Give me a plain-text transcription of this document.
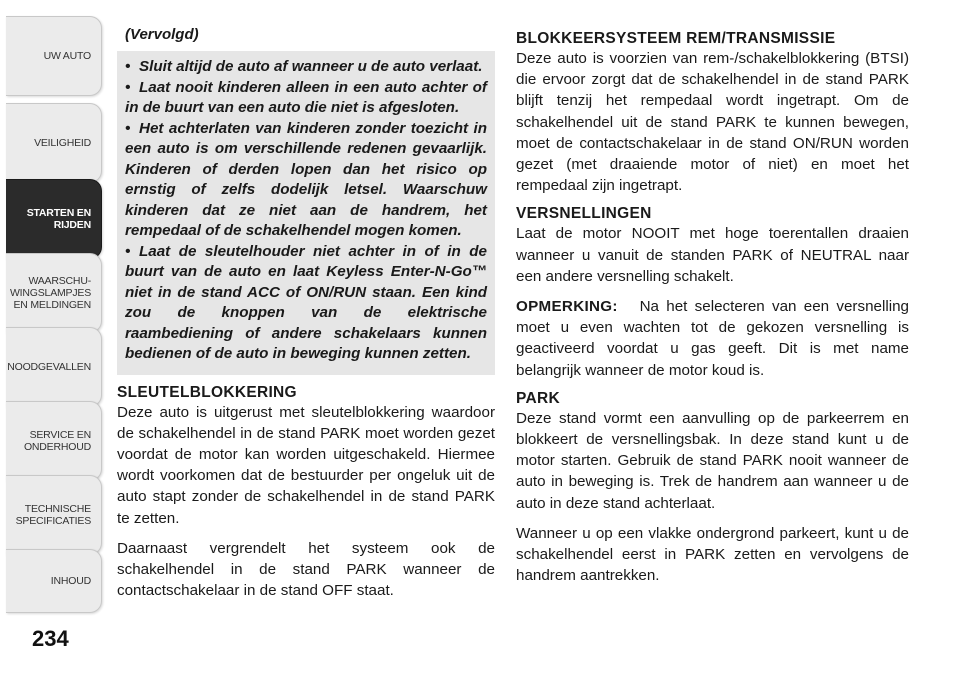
UW AUTO
VEILIGHEID
STARTEN EN
RIJDEN
WAARSCHU-
WINGSLAMPJES
EN MELDINGEN
NOODGEVALLEN
SERVICE EN
ONDERHOUD
TECHNISCHE
SPECIFICATIES
INHOUD
234
(Vervolgd)

• Sluit altijd de auto af wanneer u de auto verlaat.

• Laat nooit kinderen alleen in een auto achter of in de buurt van een auto die niet is afgesloten.

• Het achterlaten van kinderen zonder toezicht in een auto is om verschillende redenen gevaarlijk. Kinderen of derden lopen dan het risico op ernstig of zelfs dodelijk letsel. Waarschuw kinderen dat ze niet aan de handrem, het rempedaal of de schakelhendel mogen komen.

• Laat de sleutelhouder niet achter in of in de buurt van de auto en laat Keyless Enter-N-Go™ niet in de stand ACC of ON/RUN staan. Een kind zou de knoppen van de elektrische raambediening of andere schakelaars kunnen bedienen of de auto in beweging kunnen zetten.

SLEUTELBLOKKERING

Deze auto is uitgerust met sleutelblokkering waardoor de schakelhendel in de stand PARK moet worden gezet voordat de motor kan worden uitgeschakeld. Hiermee wordt voorkomen dat de bestuurder per ongeluk uit de auto stapt zonder de schakelhendel in de stand PARK te zetten.

Daarnaast vergrendelt het systeem ook de schakelhendel in de stand PARK wanneer de contactschakelaar in de stand OFF staat.

BLOKKEERSYSTEEM REM/TRANSMISSIE

Deze auto is voorzien van rem-/schakelblokkering (BTSI) die ervoor zorgt dat de schakelhendel in de stand PARK blijft tenzij het rempedaal wordt ingetrapt. Om de schakelhendel uit de stand PARK te kunnen bewegen, moet de contactschakelaar in de stand ON/RUN worden gezet (met draaiende motor of niet) en moet het rempedaal zijn ingetrapt.

VERSNELLINGEN

Laat de motor NOOIT met hoge toerentallen draaien wanneer u vanuit de standen PARK of NEUTRAL naar een andere versnelling schakelt.

OPMERKING: Na het selecteren van een versnelling moet u even wachten tot de gekozen versnelling is geactiveerd voordat u gas geeft. Dit is met name belangrijk wanneer de motor koud is.

PARK

Deze stand vormt een aanvulling op de parkeerrem en blokkeert de versnellingsbak. In deze stand kunt u de motor starten. Gebruik de stand PARK nooit wanneer de auto in beweging is. Trek de handrem aan wanneer u de auto in deze stand achterlaat.

Wanneer u op een vlakke ondergrond parkeert, kunt u de schakelhendel eerst in PARK zetten en vervolgens de handrem aantrekken.
